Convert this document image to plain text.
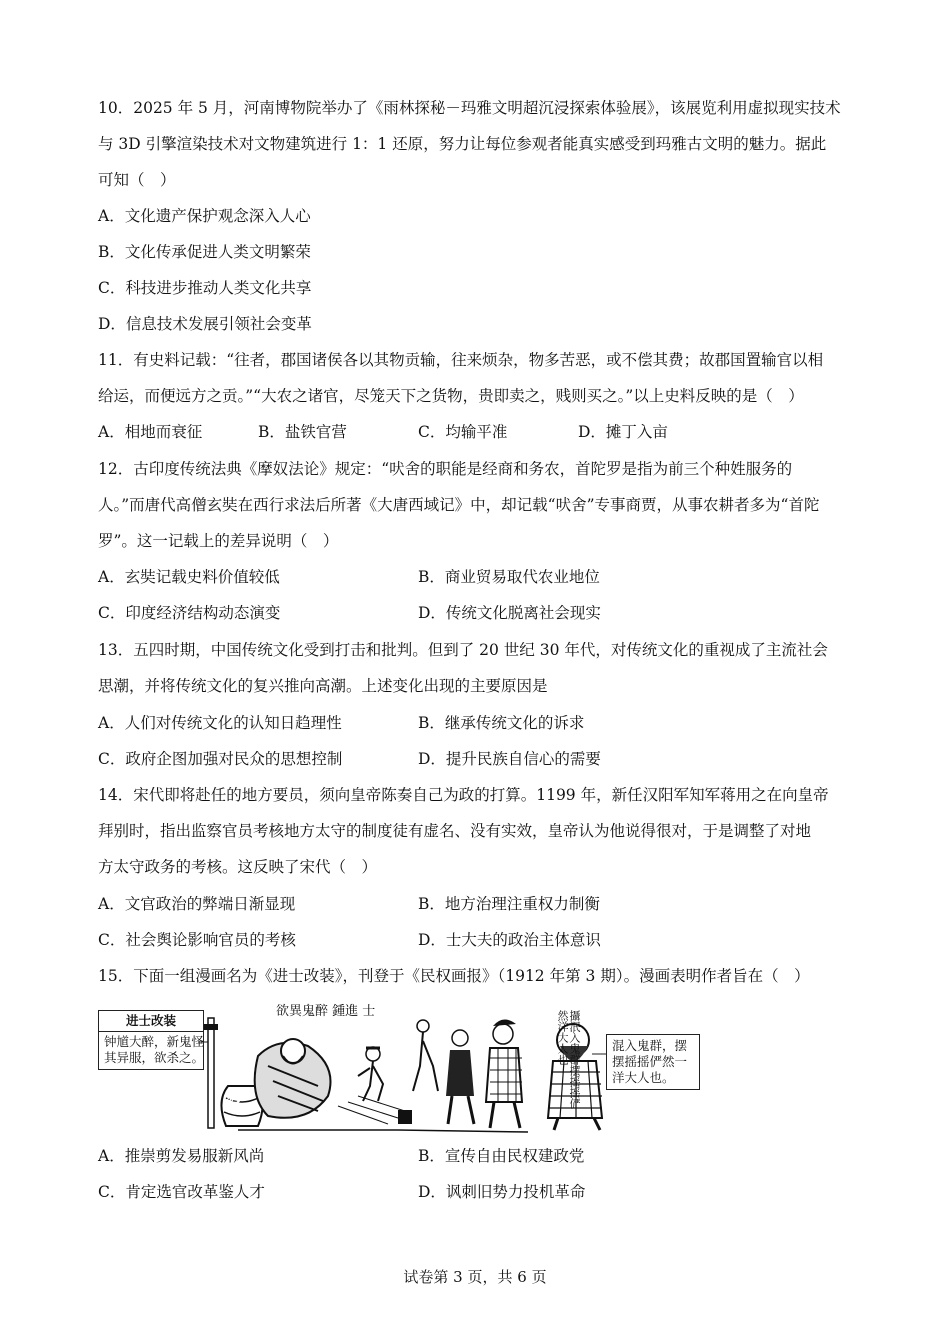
10．2025 年 5 月，河南博物院举办了《雨林探秘－玛雅文明超沉浸探索体验展》，该展览利用虚拟现实技术

与 3D 引擎渲染技术对文物建筑进行 1：1 还原，努力让每位参观者能真实感受到玛雅古文明的魅力。据此

可知（　）

A．文化遗产保护观念深入人心
B．文化传承促进人类文明繁荣
C．科技进步推动人类文化共享
D．信息技术发展引领社会变革

11．有史料记载：“往者，郡国诸侯各以其物贡输，往来烦杂，物多苦恶，或不偿其费；故郡国置输官以相

给运，而便远方之贡。”“大农之诸官，尽笼天下之货物，贵即卖之，贱则买之。”以上史料反映的是（　）

A．相地而衰征	B．盐铁官营	C．均输平准	D．摊丁入亩

12．古印度传统法典《摩奴法论》规定：“吠舍的职能是经商和务农，首陀罗是指为前三个种姓服务的

人。”而唐代高僧玄奘在西行求法后所著《大唐西域记》中，却记载“吠舍”专事商贾，从事农耕者多为“首陀

罗”。这一记载上的差异说明（　）

A．玄奘记载史料价值较低	B．商业贸易取代农业地位
C．印度经济结构动态演变	D．传统文化脱离社会现实

13．五四时期，中国传统文化受到打击和批判。但到了 20 世纪 30 年代，对传统文化的重视成了主流社会

思潮，并将传统文化的复兴推向高潮。上述变化出现的主要原因是

A．人们对传统文化的认知日趋理性	B．继承传统文化的诉求
C．政府企图加强对民众的思想控制	D．提升民族自信心的需要

14．宋代即将赴任的地方要员，须向皇帝陈奏自己为政的打算。1199 年，新任汉阳军知军蒋用之在向皇帝

拜别时，指出监察官员考核地方太守的制度徒有虚名、没有实效，皇帝认为他说得很对，于是调整了对地

方太守政务的考核。这反映了宋代（　）

A．文官政治的弊端日渐显现	B．地方治理注重权力制衡
C．社会舆论影响官员的考核	D．士大夫的政治主体意识

15．下面一组漫画名为《进士改装》，刊登于《民权画报》（1912 年第 3 期）。漫画表明作者旨在（　）

进士改装
钟馗大醉，新鬼怪
其异服，欲杀之。
欲異鬼醉 鍾進 士
纷	攝泯入鬼群摆摇摇俨然洋大人也	混入鬼群，摆
摆摇摇俨然一
洋大人也。
A．推崇剪发易服新风尚	B．宣传自由民权建政党
C．肯定选官改革鉴人才	D．讽刺旧势力投机革命
试卷第 3 页，共 6 页
